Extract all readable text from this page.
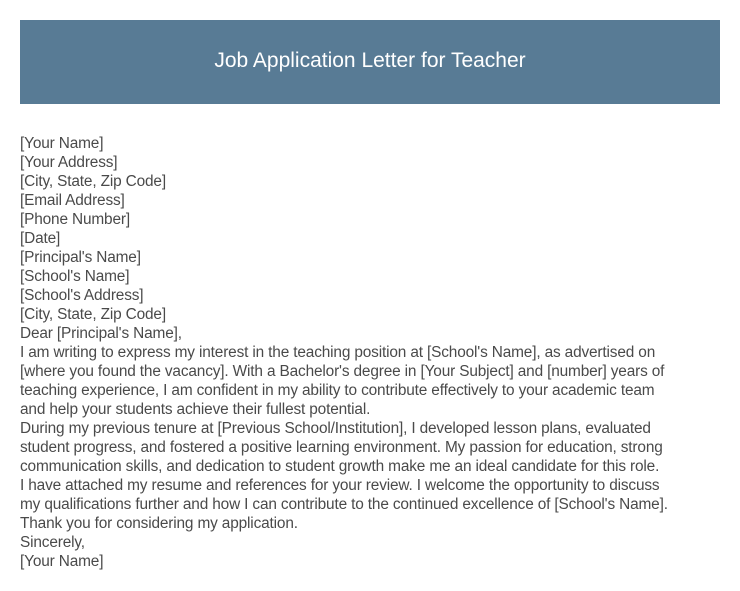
Job Application Letter for Teacher
[Your Name]
[Your Address]
[City, State, Zip Code]
[Email Address]
[Phone Number]
[Date]
[Principal's Name]
[School's Name]
[School's Address]
[City, State, Zip Code]
Dear [Principal's Name],
I am writing to express my interest in the teaching position at [School's Name], as advertised on
[where you found the vacancy]. With a Bachelor's degree in [Your Subject] and [number] years of
teaching experience, I am confident in my ability to contribute effectively to your academic team
and help your students achieve their fullest potential.
During my previous tenure at [Previous School/Institution], I developed lesson plans, evaluated
student progress, and fostered a positive learning environment. My passion for education, strong
communication skills, and dedication to student growth make me an ideal candidate for this role.
I have attached my resume and references for your review. I welcome the opportunity to discuss
my qualifications further and how I can contribute to the continued excellence of [School's Name].
Thank you for considering my application.
Sincerely,
[Your Name]
